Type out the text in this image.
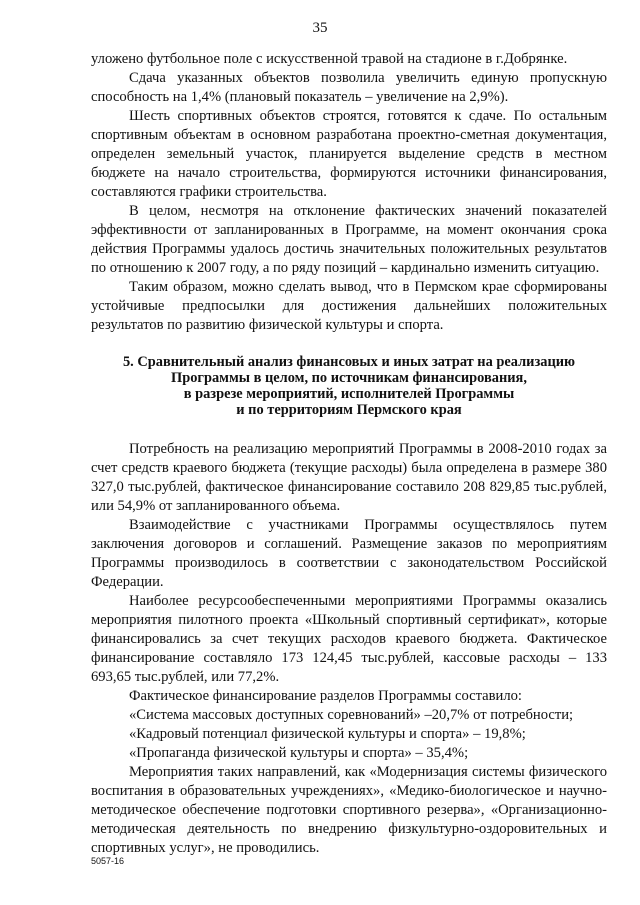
35

уложено футбольное поле с искусственной травой на стадионе в г.Добрянке.

Сдача указанных объектов позволила увеличить единую пропускную способность на 1,4% (плановый показатель – увеличение на 2,9%).

Шесть спортивных объектов строятся, готовятся к сдаче. По остальным спортивным объектам в основном разработана проектно-сметная документация, определен земельный участок, планируется выделение средств в местном бюджете на начало строительства, формируются источники финансирования, составляются графики строительства.

В целом, несмотря на отклонение фактических значений показателей эффективности от запланированных в Программе, на момент окончания срока действия Программы удалось достичь значительных положительных результатов по отношению к 2007 году, а по ряду позиций – кардинально изменить ситуацию.

Таким образом, можно сделать вывод, что в Пермском крае сформированы устойчивые предпосылки для достижения дальнейших положительных результатов по развитию физической культуры и спорта.

5. Сравнительный анализ финансовых и иных затрат на реализацию
Программы в целом, по источникам финансирования,
в разрезе мероприятий, исполнителей Программы
и по территориям Пермского края

Потребность на реализацию мероприятий Программы в 2008-2010 годах за счет средств краевого бюджета (текущие расходы) была определена в размере 380 327,0 тыс.рублей, фактическое финансирование составило 208 829,85 тыс.рублей, или 54,9% от запланированного объема.

Взаимодействие с участниками Программы осуществлялось путем заключения договоров и соглашений. Размещение заказов по мероприятиям Программы производилось в соответствии с законодательством Российской Федерации.

Наиболее ресурсообеспеченными мероприятиями Программы оказались мероприятия пилотного проекта «Школьный спортивный сертификат», которые финансировались за счет текущих расходов краевого бюджета. Фактическое финансирование составляло 173 124,45 тыс.рублей, кассовые расходы – 133 693,65 тыс.рублей, или 77,2%.

Фактическое финансирование разделов Программы составило:

«Система массовых доступных соревнований» –20,7% от потребности;

«Кадровый потенциал физической культуры и спорта» – 19,8%;

«Пропаганда физической культуры и спорта» – 35,4%;

Мероприятия таких направлений, как «Модернизация системы физического воспитания в образовательных учреждениях», «Медико-биологическое и научно-методическое обеспечение подготовки спортивного резерва», «Организационно-методическая деятельность по внедрению физкультурно-оздоровительных и спортивных услуг», не проводились.

5057-16
